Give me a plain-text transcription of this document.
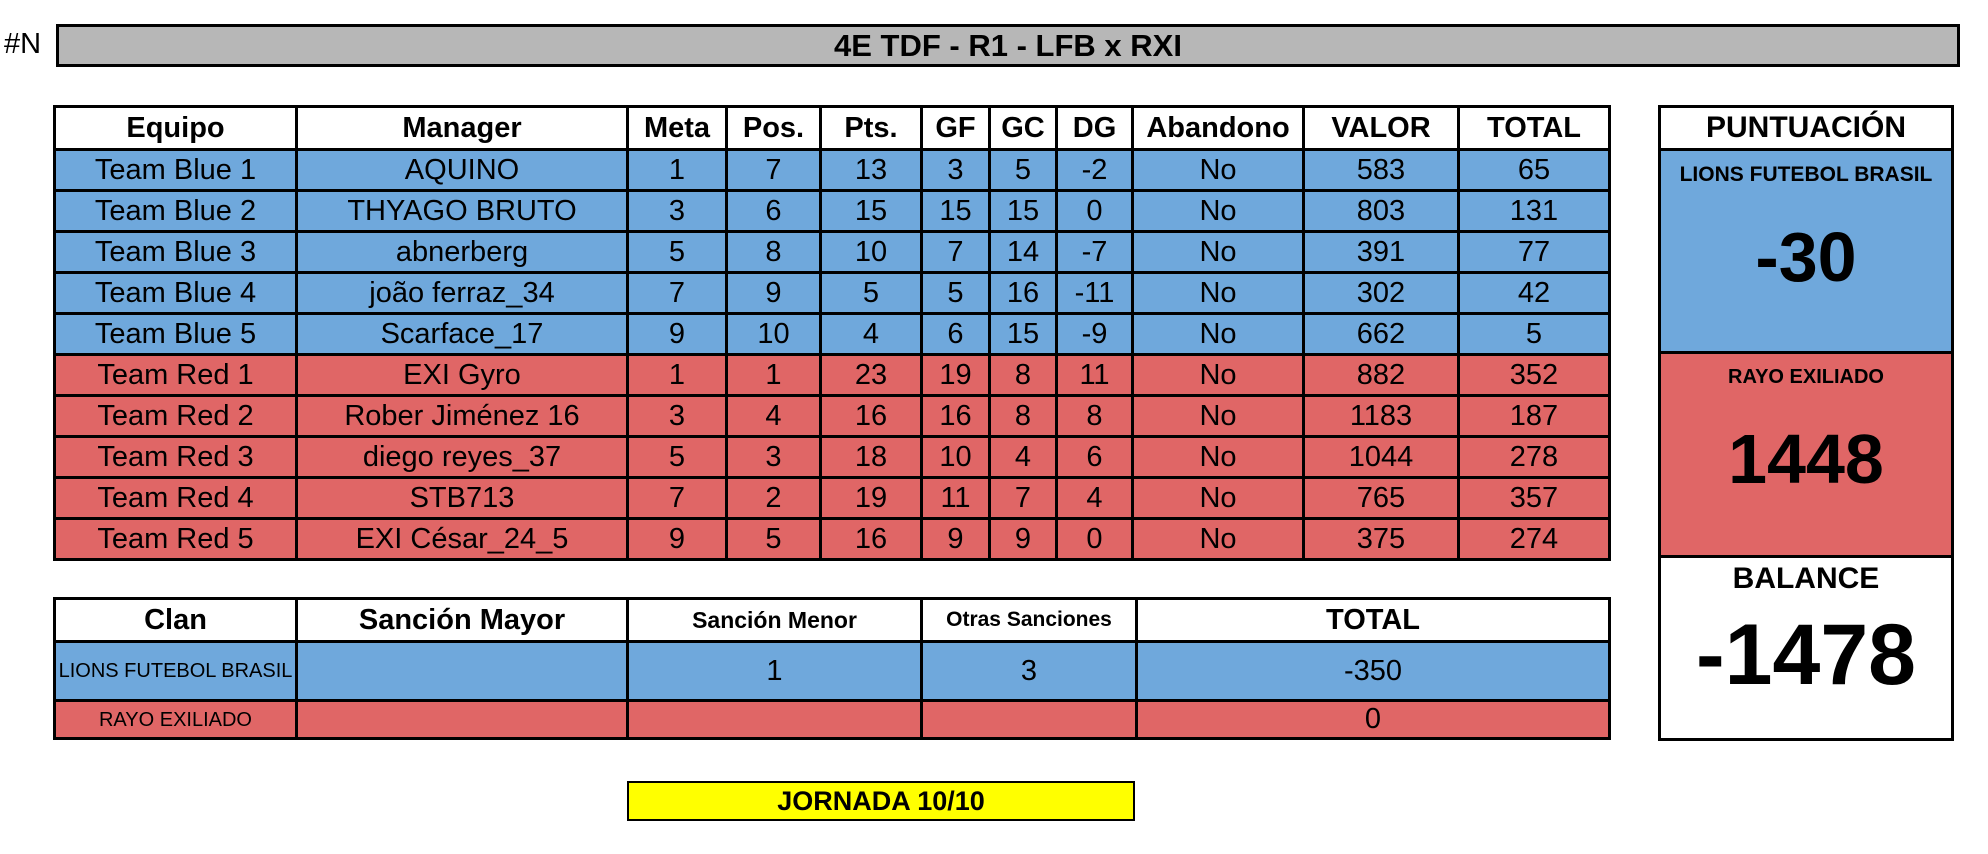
#N	4E TDF - R1 - LFB x RXI
Equipo	Manager	Meta	Pos.	Pts.	GF	GC	DG	Abandono	VALOR	TOTAL
Team Blue 1	AQUINO	1	7	13	3	5	-2	No	583	65
Team Blue 2	THYAGO BRUTO	3	6	15	15	15	0	No	803	131
Team Blue 3	abnerberg	5	8	10	7	14	-7	No	391	77
Team Blue 4	joão ferraz_34	7	9	5	5	16	-11	No	302	42
Team Blue 5	Scarface_17	9	10	4	6	15	-9	No	662	5
Team Red 1	EXI Gyro	1	1	23	19	8	11	No	882	352
Team Red 2	Rober Jiménez 16	3	4	16	16	8	8	No	1183	187
Team Red 3	diego reyes_37	5	3	18	10	4	6	No	1044	278
Team Red 4	STB713	7	2	19	11	7	4	No	765	357
Team Red 5	EXI César_24_5	9	5	16	9	9	0	No	375	274
PUNTUACIÓN
LIONS FUTEBOL BRASIL
-30
RAYO EXILIADO
1448
BALANCE
-1478
Clan	Sanción Mayor	Sanción Menor	Otras Sanciones	TOTAL
LIONS FUTEBOL BRASIL		1	3	-350
RAYO EXILIADO				0
JORNADA 10/10
